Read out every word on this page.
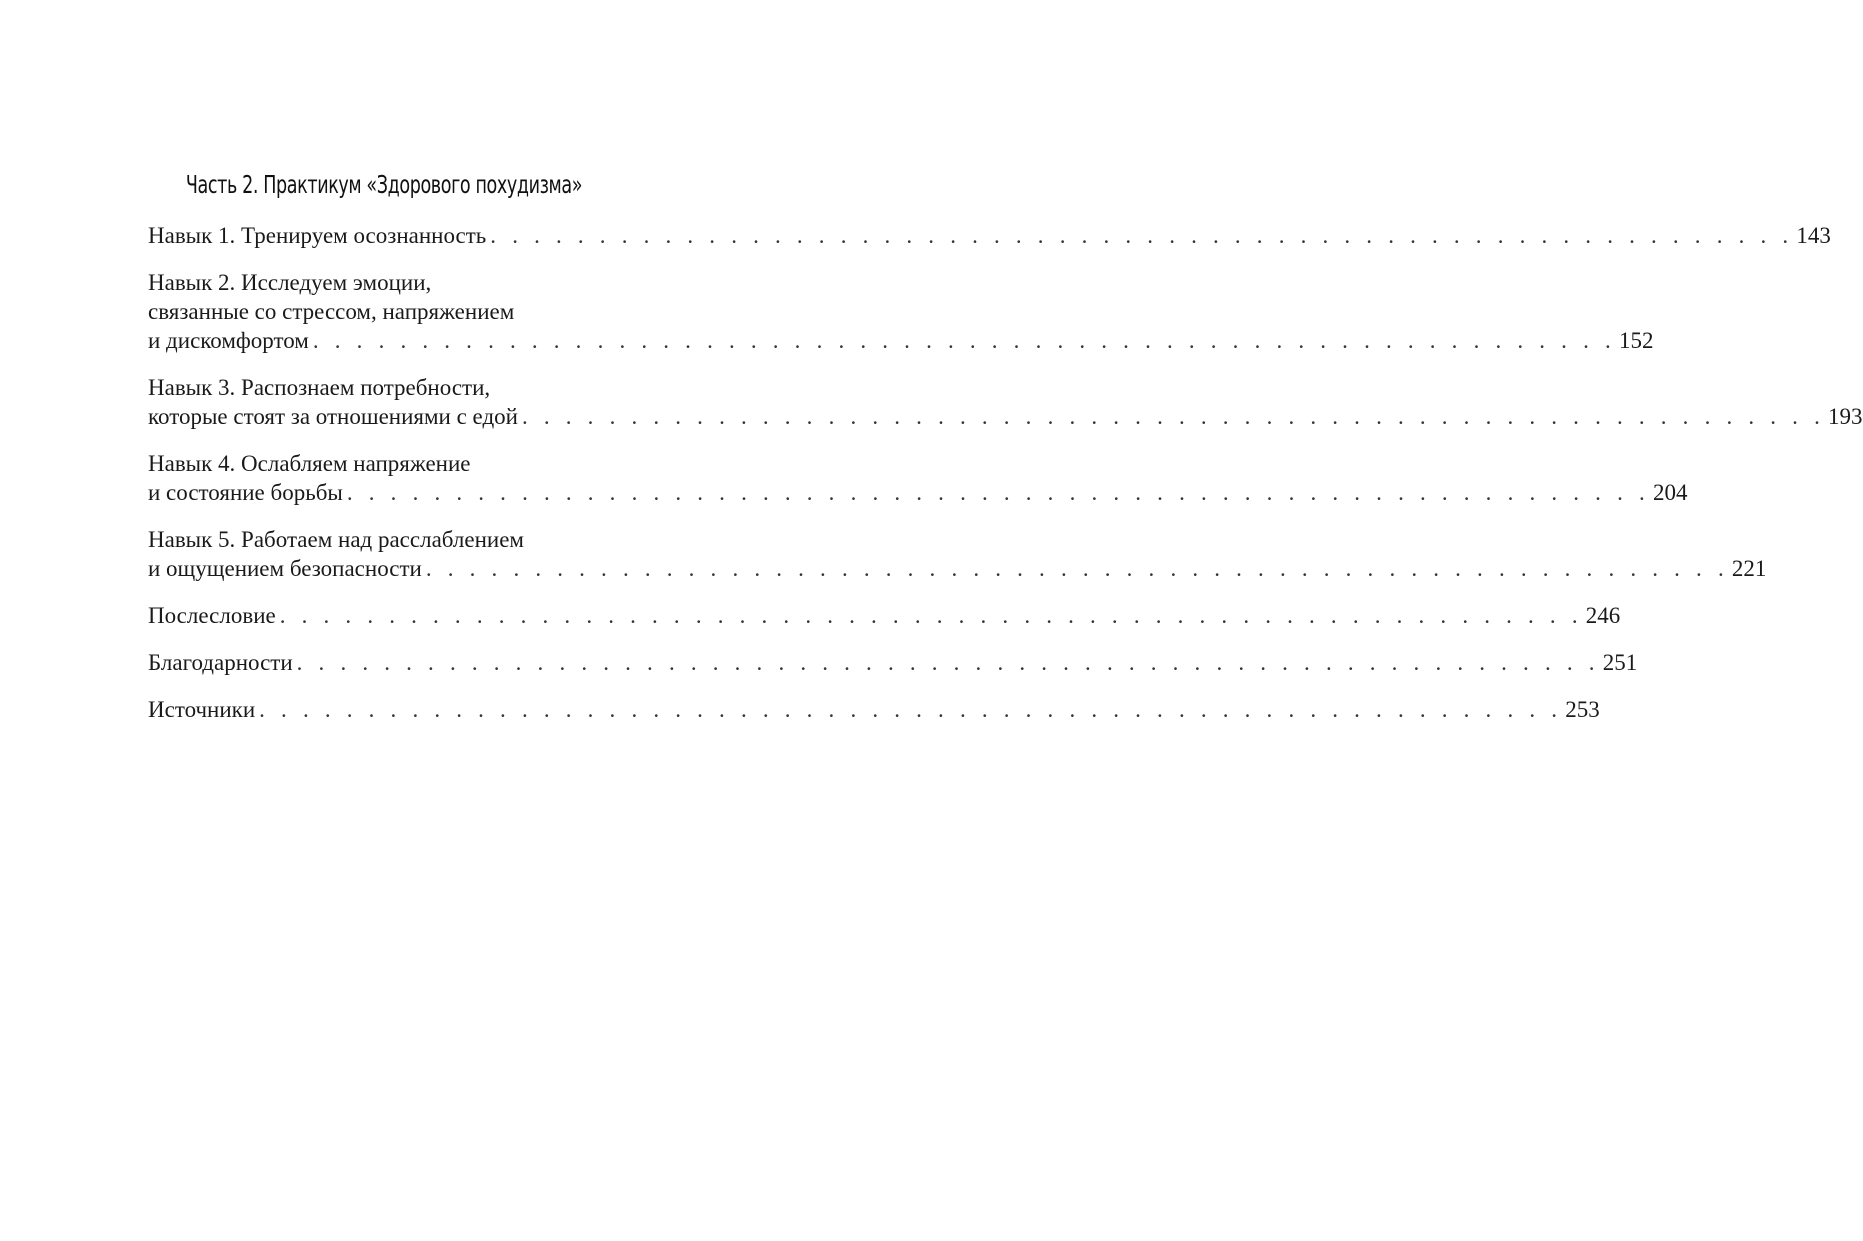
Часть 2. Практикум «Здорового похудизма»
Навык 1. Тренируем осознанность . . . . . . . . . . . . . . . . . . . . . . . . . . . . . . . . . . . . . . . . . . . . . . . . . . . . . . . . . . . . 143
Навык 2. Исследуем эмоции,
связанные со стрессом, напряжением
и дискомфортом . . . . . . . . . . . . . . . . . . . . . . . . . . . . . . . . . . . . . . . . . . . . . . . . . . . . . . . . . . . . 152
Навык 3. Распознаем потребности,
которые стоят за отношениями с едой . . . . . . . . . . . . . . . . . . . . . . . . . . . . . . . . . . . . . . . . . . . . . . . . . . . . . . . . . . . . 193
Навык 4. Ослабляем напряжение
и состояние борьбы . . . . . . . . . . . . . . . . . . . . . . . . . . . . . . . . . . . . . . . . . . . . . . . . . . . . . . . . . . . . 204
Навык 5. Работаем над расслаблением
и ощущением безопасности . . . . . . . . . . . . . . . . . . . . . . . . . . . . . . . . . . . . . . . . . . . . . . . . . . . . . . . . . . . . 221
Послесловие . . . . . . . . . . . . . . . . . . . . . . . . . . . . . . . . . . . . . . . . . . . . . . . . . . . . . . . . . . . . 246
Благодарности . . . . . . . . . . . . . . . . . . . . . . . . . . . . . . . . . . . . . . . . . . . . . . . . . . . . . . . . . . . . 251
Источники . . . . . . . . . . . . . . . . . . . . . . . . . . . . . . . . . . . . . . . . . . . . . . . . . . . . . . . . . . . . 253
